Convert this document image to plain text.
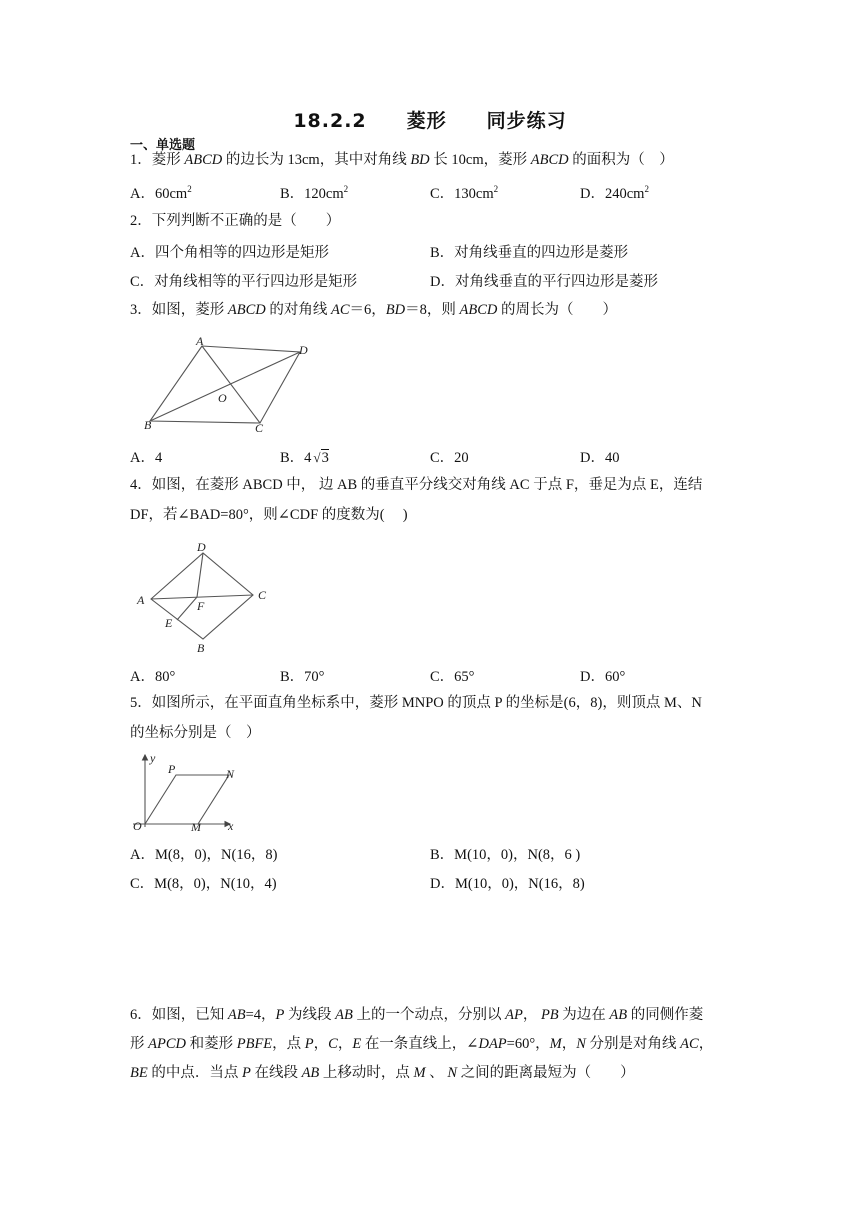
18.2.2　　菱形　　同步练习
一、单选题
1．菱形 ABCD 的边长为 13cm，其中对角线 BD 长 10cm，菱形 ABCD 的面积为（　）
A．$60cm^2$	B．$120cm^2$	C．$130cm^2$	D．$240cm^2$
2．下列判断不正确的是（　　）
A．四个角相等的四边形是矩形	B．对角线垂直的四边形是菱形
C．对角线相等的平行四边形是矩形	D．对角线垂直的平行四边形是菱形
3．如图，菱形 ABCD 的对角线 AC＝6，BD＝8，则 ABCD 的周长为（　　）
A
D
B	C
O
A．4	B．4 √3	C．20	D．40
4．如图，在菱形 ABCD 中， 边 AB 的垂直平分线交对角线 AC 于点 F，垂足为点 E，连结
DF，若∠BAD=80°，则∠CDF 的度数为(　 )
D
A	C
F
E
B
A．80°	B．70°	C．65°	D．60°
5．如图所示，在平面直角坐标系中，菱形 MNPO 的顶点 P 的坐标是(6，8)，则顶点 M、N
的坐标分别是（　）
y
x
O
P	N
M
A．M(8，0)，N(16，8)	B．M(10，0)，N(8，6 )
C．M(8，0)，N(10，4)	D．M(10，0)，N(16，8)
6．如图，已知 AB=4，P 为线段 AB 上的一个动点，分别以 AP， PB 为边在 AB 的同侧作菱
形 APCD 和菱形 PBFE，点 P，C，E 在一条直线上，∠DAP=60°，M，N 分别是对角线 AC，
BE 的中点．当点 P 在线段 AB 上移动时，点 M 、 N 之间的距离最短为（　　）
